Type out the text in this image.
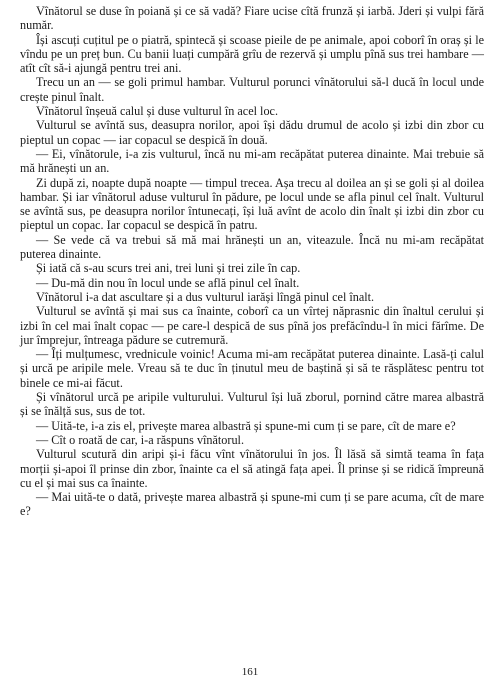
Vînătorul se duse în poiană și ce să vadă? Fiare ucise cîtă frunză și iarbă. Jderi și vulpi fără număr.

Își ascuți cuțitul pe o piatră, spintecă și scoase pieile de pe animale, apoi coborî în oraș și le vîndu pe un preț bun. Cu banii luați cumpără grîu de rezervă și umplu pînă sus trei hambare — atît cît să-i ajungă pentru trei ani.

Trecu un an — se goli primul hambar. Vulturul porunci vînătorului să-l ducă în locul unde crește pinul înalt.

Vînătorul înșeuă calul și duse vulturul în acel loc.

Vulturul se avîntă sus, deasupra norilor, apoi își dădu drumul de acolo și izbi din zbor cu pieptul un copac — iar copacul se despică în două.

— Ei, vînătorule, i-a zis vulturul, încă nu mi-am recăpătat puterea dinainte. Mai trebuie să mă hrănești un an.

Zi după zi, noapte după noapte — timpul trecea. Așa trecu al doilea an și se goli și al doilea hambar. Și iar vînătorul aduse vulturul în pădure, pe locul unde se afla pinul cel înalt. Vulturul se avîntă sus, pe deasupra norilor întunecați, își luă avînt de acolo din înalt și izbi din zbor cu pieptul un copac. Iar copacul se despică în patru.

— Se vede că va trebui să mă mai hrănești un an, viteazule. Încă nu mi-am recăpătat puterea dinainte.

Și iată că s-au scurs trei ani, trei luni și trei zile în cap.

— Du-mă din nou în locul unde se află pinul cel înalt.

Vînătorul i-a dat ascultare și a dus vulturul iarăși lîngă pinul cel înalt.

Vulturul se avîntă și mai sus ca înainte, coborî ca un vîrtej năprasnic din înaltul cerului și izbi în cel mai înalt copac — pe care-l despică de sus pînă jos prefăcîndu-l în mici fărîme. De jur împrejur, întreaga pădure se cutremură.

— Îți mulțumesc, vrednicule voinic! Acuma mi-am recăpătat puterea dinainte. Lasă-ți calul și urcă pe aripile mele. Vreau să te duc în ținutul meu de baștină și să te răsplătesc pentru tot binele ce mi-ai făcut.

Și vînătorul urcă pe aripile vulturului. Vulturul își luă zborul, pornind către marea albastră și se înălță sus, sus de tot.

— Uită-te, i-a zis el, privește marea albastră și spune-mi cum ți se pare, cît de mare e?

— Cît o roată de car, i-a răspuns vînătorul.

Vulturul scutură din aripi și-i făcu vînt vînătorului în jos. Îl lăsă să simtă teama în fața morții și-apoi îl prinse din zbor, înainte ca el să atingă fața apei. Îl prinse și se ridică împreună cu el și mai sus ca înainte.

— Mai uită-te o dată, privește marea albastră și spune-mi cum ți se pare acuma, cît de mare e?

161
